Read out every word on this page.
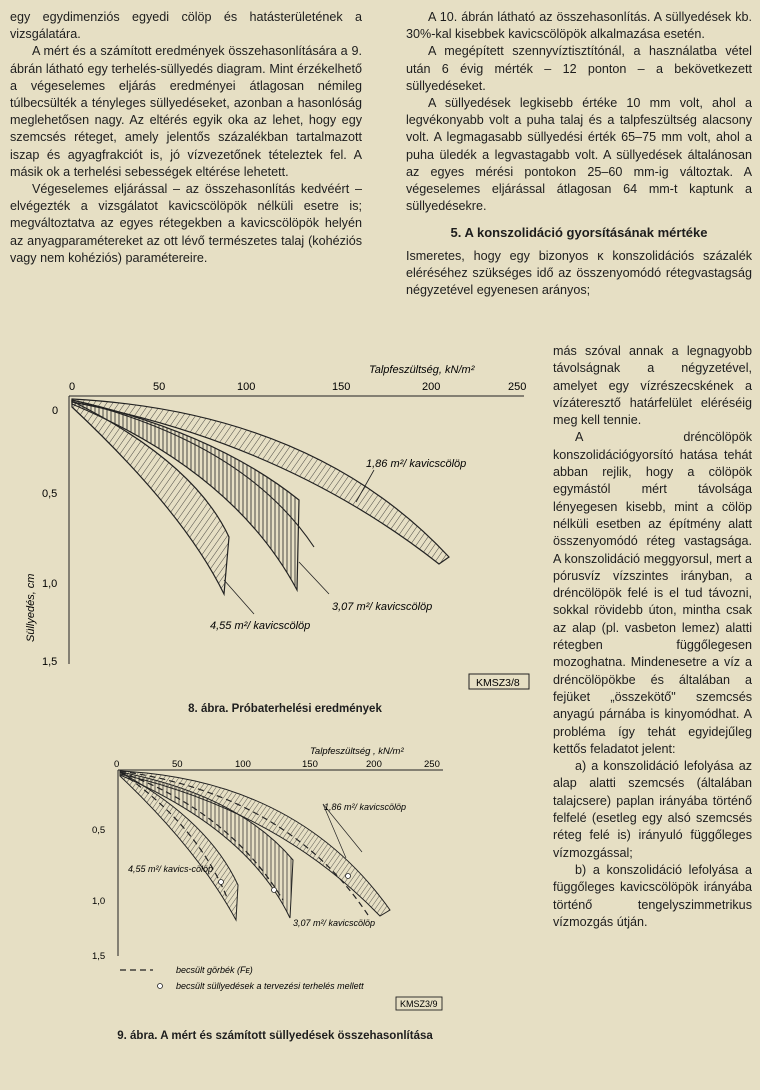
egy egydimenziós egyedi cölöp és hatásterületének a vizsgálatára.

A mért és a számított eredmények összehasonlítására a 9. ábrán látható egy terhelés-süllyedés diagram. Mint érzékelhető a végeselemes eljárás eredményei átlagosan némileg túlbecsülték a tényleges süllyedéseket, azonban a hasonlóság meglehetősen nagy. Az eltérés egyik oka az lehet, hogy egy szemcsés réteget, amely jelentős százalékban tartalmazott iszap és agyagfrakciót is, jó vízvezetőnek tételeztek fel. A másik ok a terhelési sebességek eltérése lehetett.

Végeselemes eljárással – az összehasonlítás kedvéért – elvégezték a vizsgálatot kavicscölöpök nélküli esetre is; megváltoztatva az egyes rétegekben a kavicscölöpök helyén az anyagparamétereket az ott lévő természetes talaj (kohéziós vagy nem kohéziós) paramétereire.

A 10. ábrán látható az összehasonlítás. A süllyedések kb. 30%-kal kisebbek kavicscölöpök alkalmazása esetén.

A megépített szennyvíztisztítónál, a használatba vétel után 6 évig mérték – 12 ponton – a bekövetkezett süllyedéseket.

A süllyedések legkisebb értéke 10 mm volt, ahol a legvékonyabb volt a puha talaj és a talpfeszültség alacsony volt. A legmagasabb süllyedési érték 65–75 mm volt, ahol a puha üledék a legvastagabb volt. A süllyedések általánosan az egyes mérési pontokon 25–60 mm-ig változtak. A végeselemes eljárással átlagosan 64 mm-t kaptunk a süllyedésekre.

5. A konszolidáció gyorsításának mértéke

Ismeretes, hogy egy bizonyos κ konszolidációs százalék eléréséhez szükséges idő az összenyomódó rétegvastagság négyzetével egyenesen arányos;

más szóval annak a legnagyobb távolságnak a négyzetével, amelyet egy vízrészecskének a vízáteresztő határfelület eléréséig meg kell tennie.

A dréncölöpök konszolidációgyorsító hatása tehát abban rejlik, hogy a cölöpök egymástól mért távolsága lényegesen kisebb, mint a cölöp nélküli esetben az építmény alatt összenyomódó réteg vastagsága. A konszolidáció meggyorsul, mert a pórusvíz vízszintes irányban, a dréncölöpök felé is el tud távozni, sokkal rövidebb úton, mintha csak az alap (pl. vasbeton lemez) alatti rétegben függőlegesen mozoghatna. Mindenesetre a víz a dréncölöpökbe és általában a fejüket „összekötő" szemcsés anyagú párnába is kinyomódhat. A probléma így tehát egyidejűleg kettős feladatot jelent:

a) a konszolidáció lefolyása az alap alatti szemcsés (általában talajcsere) paplan irányába történő felfelé (esetleg egy alsó szemcsés réteg felé is) irányuló függőleges vízmozgással;

b) a konszolidáció lefolyása a függőleges kavicscölöpök irányába történő tengelyszimmetrikus vízmozgás útján.

Talpfeszültség, kN/m²
0	50	100	150	200	250
0
0,5
1,0
1,5
Süllyedés, cm
1,86 m²/ kavicscölöp
3,07 m²/ kavicscölöp
4,55 m²/ kavicscölöp
KMSZ3/8
8. ábra. Próbaterhelési eredmények
Talpfeszültség , kN/m²
0	50	100	150	200	250
0,5
1,0
1,5
1,86 m²/ kavicscölöp
4,55 m²/ kavics-cölöp
3,07 m²/ kavicscölöp
becsült görbék (Fᴇ)
becsült süllyedések a tervezési terhelés mellett
KMSZ3/9
9. ábra. A mért és számított süllyedések összehasonlítása
